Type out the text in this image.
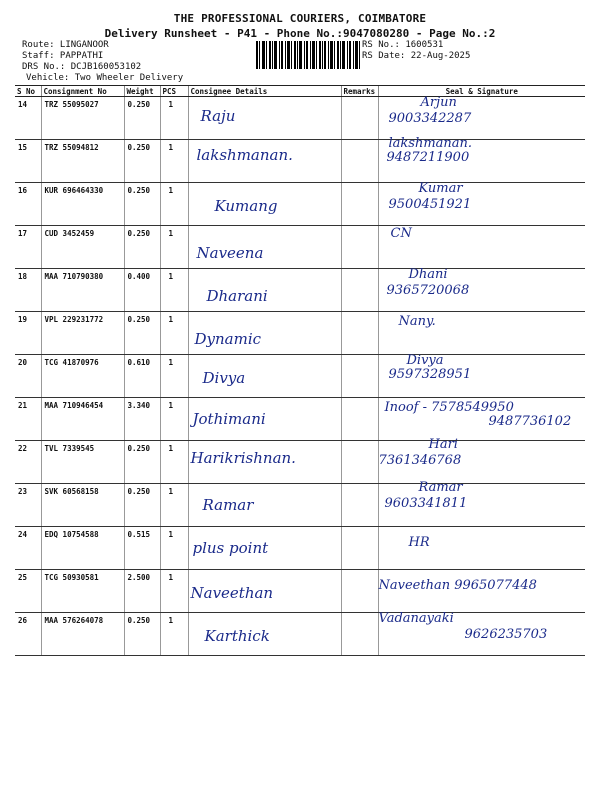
THE PROFESSIONAL COURIERS, COIMBATORE
Delivery Runsheet - P41 - Phone No.:9047080280 - Page No.:2
Route: LINGANOOR
Staff: PAPPATHI
DRS No.: DCJB160053102
Vehicle: Two Wheeler Delivery
RS No.: 1600531
RS Date: 22-Aug-2025
S No	Consignment No	Weight	PCS	Consignee Details	Remarks	Seal & Signature
14	TRZ 55095027	0.250	1	Raju		Arjun
9003342287

15	TRZ 55094812	0.250	1	lakshmanan.		lakshmanan.
9487211900

16	KUR 696464330	0.250	1	Kumang		Kumar
9500451921

17	CUD 3452459	0.250	1	Naveena		CN

18	MAA 710790380	0.400	1	Dharani		Dhani
9365720068

19	VPL 229231772	0.250	1	Dynamic		Nany.

20	TCG 41870976	0.610	1	Divya		Divya
9597328951

21	MAA 710946454	3.340	1	Jothimani		Inoof - 7578549950
9487736102

22	TVL 7339545	0.250	1	Harikrishnan.		Hari
7361346768

23	SVK 60568158	0.250	1	Ramar		Ramar
9603341811

24	EDQ 10754588	0.515	1	plus point		HR

25	TCG 50930581	2.500	1	Naveethan		Naveethan 9965077448

26	MAA 576264078	0.250	1	Karthick		Vadanayaki
9626235703
